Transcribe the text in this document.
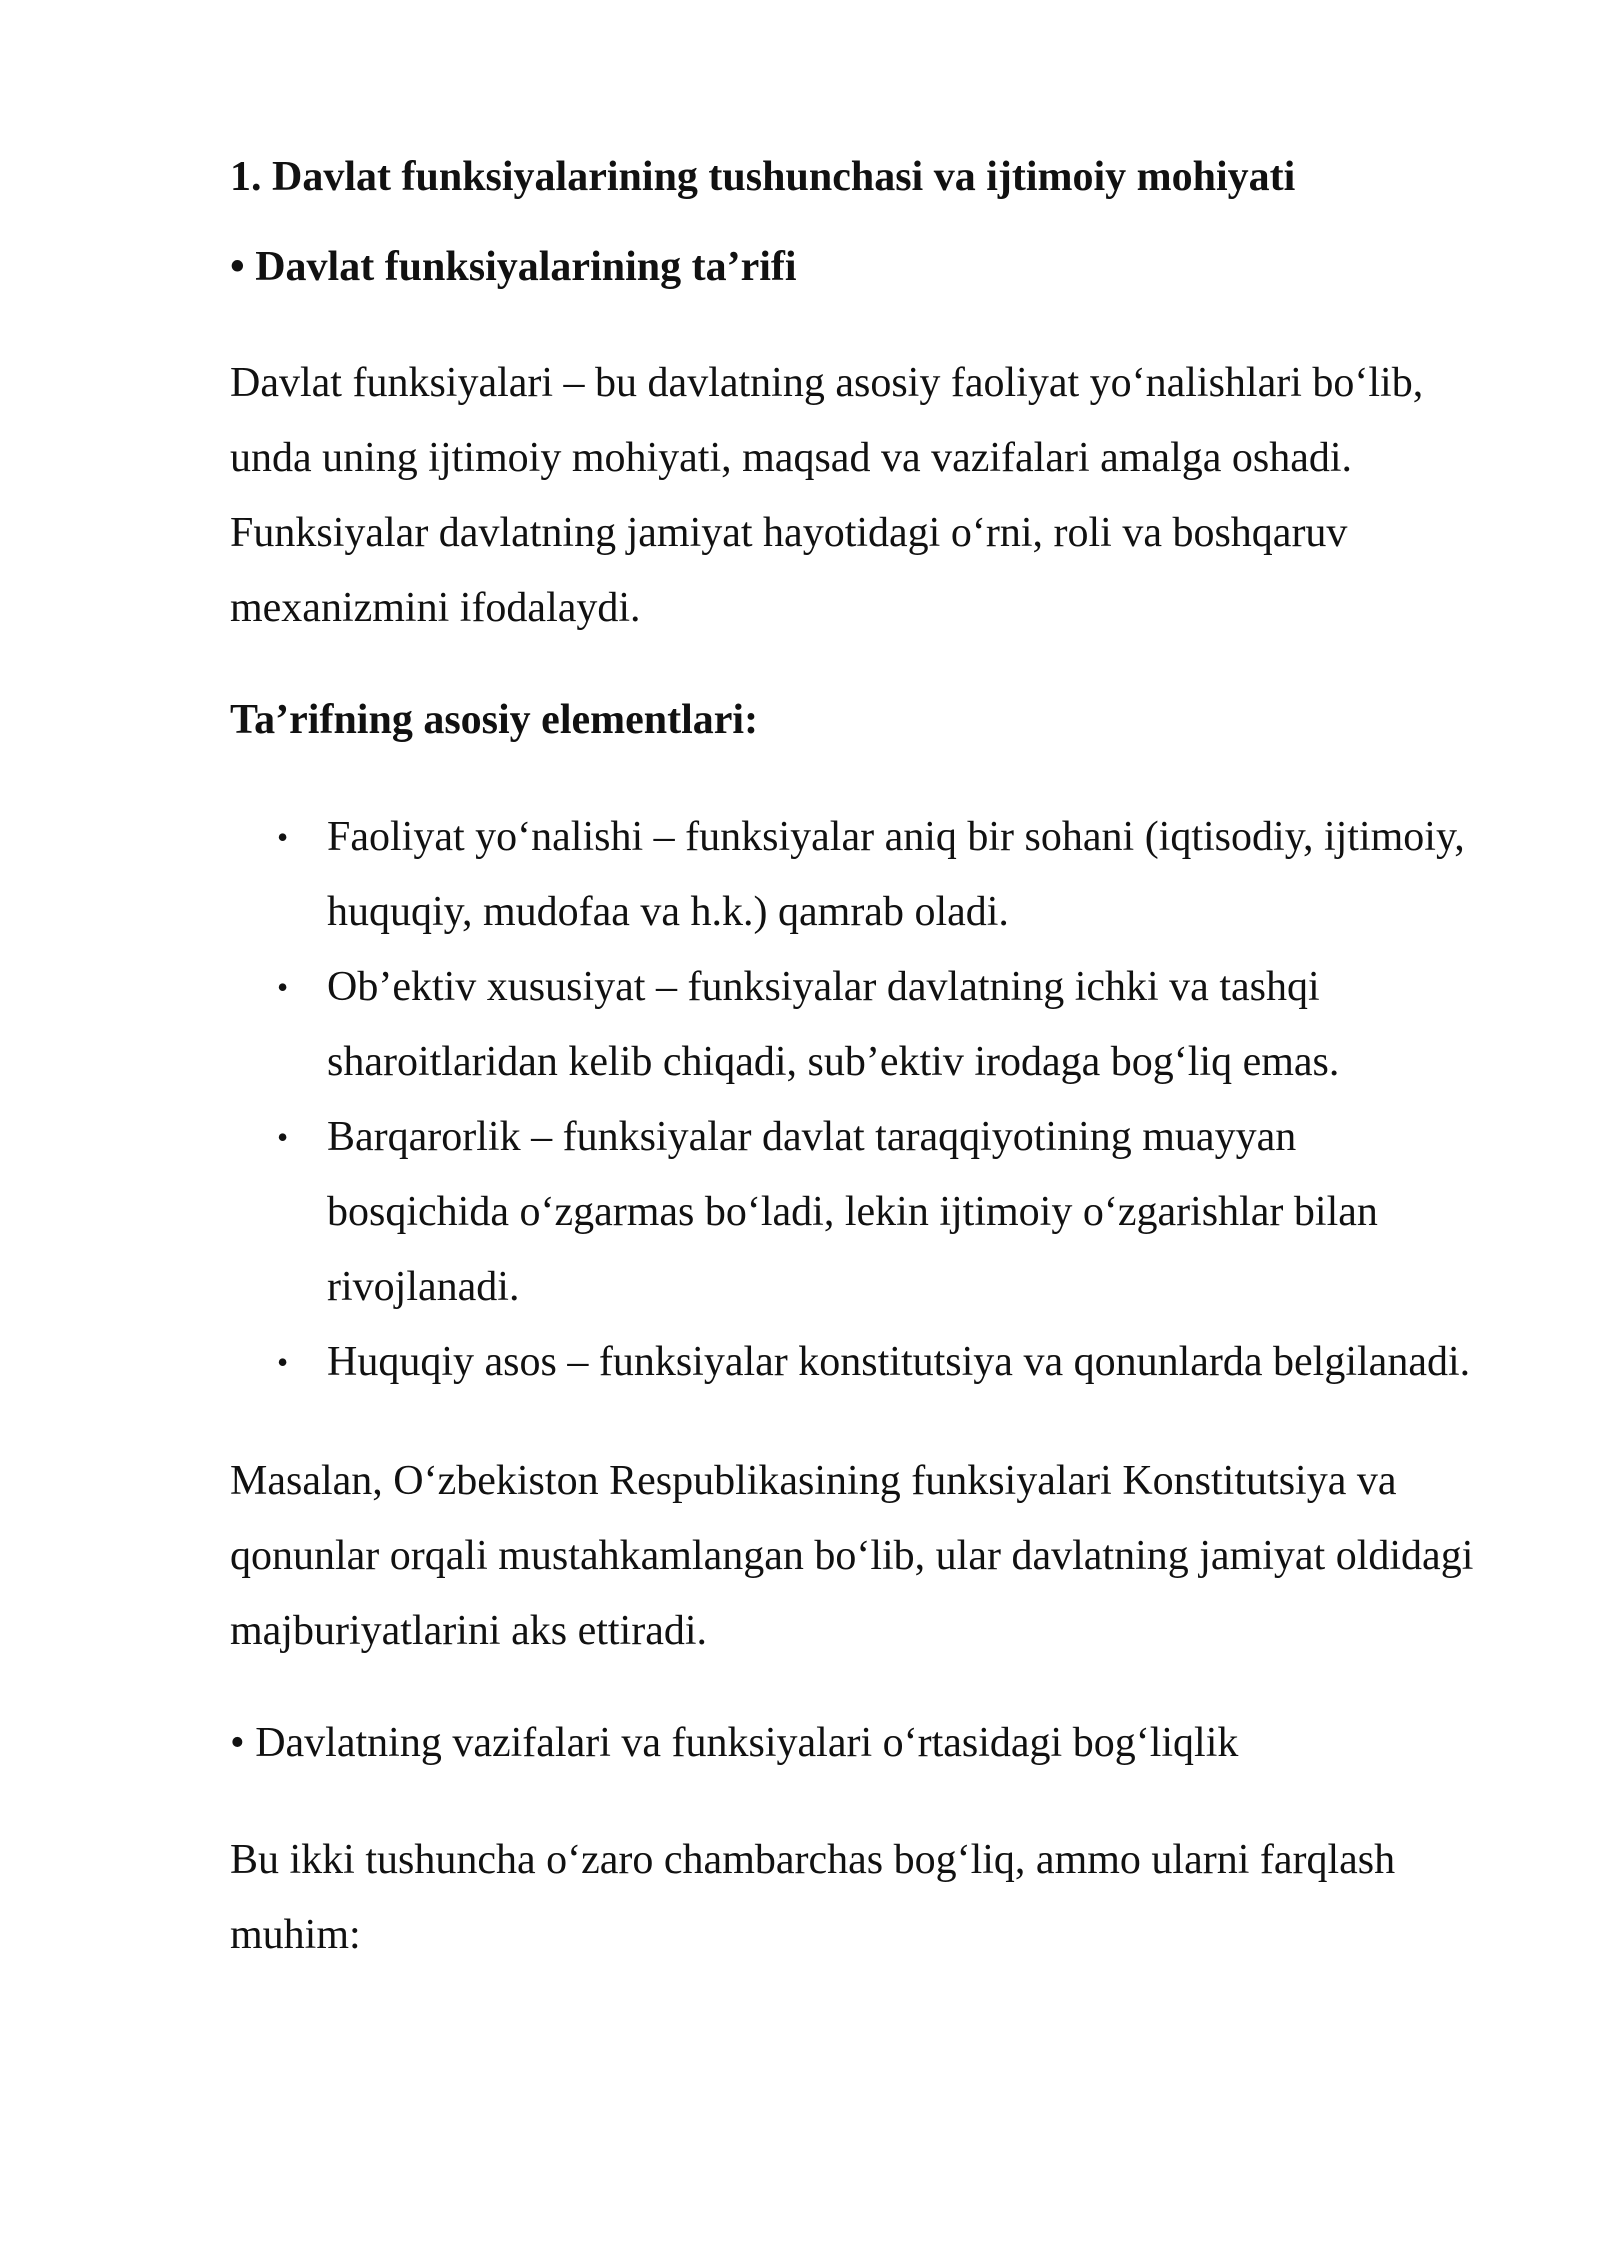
1. Davlat funksiyalarining tushunchasi va ijtimoiy mohiyati
• Davlat funksiyalarining ta’rifi

Davlat funksiyalari – bu davlatning asosiy faoliyat yo‘nalishlari bo‘lib, unda uning ijtimoiy mohiyati, maqsad va vazifalari amalga oshadi. Funksiyalar davlatning jamiyat hayotidagi o‘rni, roli va boshqaruv mexanizmini ifodalaydi.

Ta’rifning asosiy elementlari:
• Faoliyat yo‘nalishi – funksiyalar aniq bir sohani (iqtisodiy, ijtimoiy, huquqiy, mudofaa va h.k.) qamrab oladi.
• Ob’ektiv xususiyat – funksiyalar davlatning ichki va tashqi sharoitlaridan kelib chiqadi, sub’ektiv irodaga bog‘liq emas.
• Barqarorlik – funksiyalar davlat taraqqiyotining muayyan bosqichida o‘zgarmas bo‘ladi, lekin ijtimoiy o‘zgarishlar bilan rivojlanadi.
• Huquqiy asos – funksiyalar konstitutsiya va qonunlarda belgilanadi.

Masalan, O‘zbekiston Respublikasining funksiyalari Konstitutsiya va qonunlar orqali mustahkamlangan bo‘lib, ular davlatning jamiyat oldidagi majburiyatlarini aks ettiradi.

• Davlatning vazifalari va funksiyalari o‘rtasidagi bog‘liqlik

Bu ikki tushuncha o‘zaro chambarchas bog‘liq, ammo ularni farqlash muhim:
